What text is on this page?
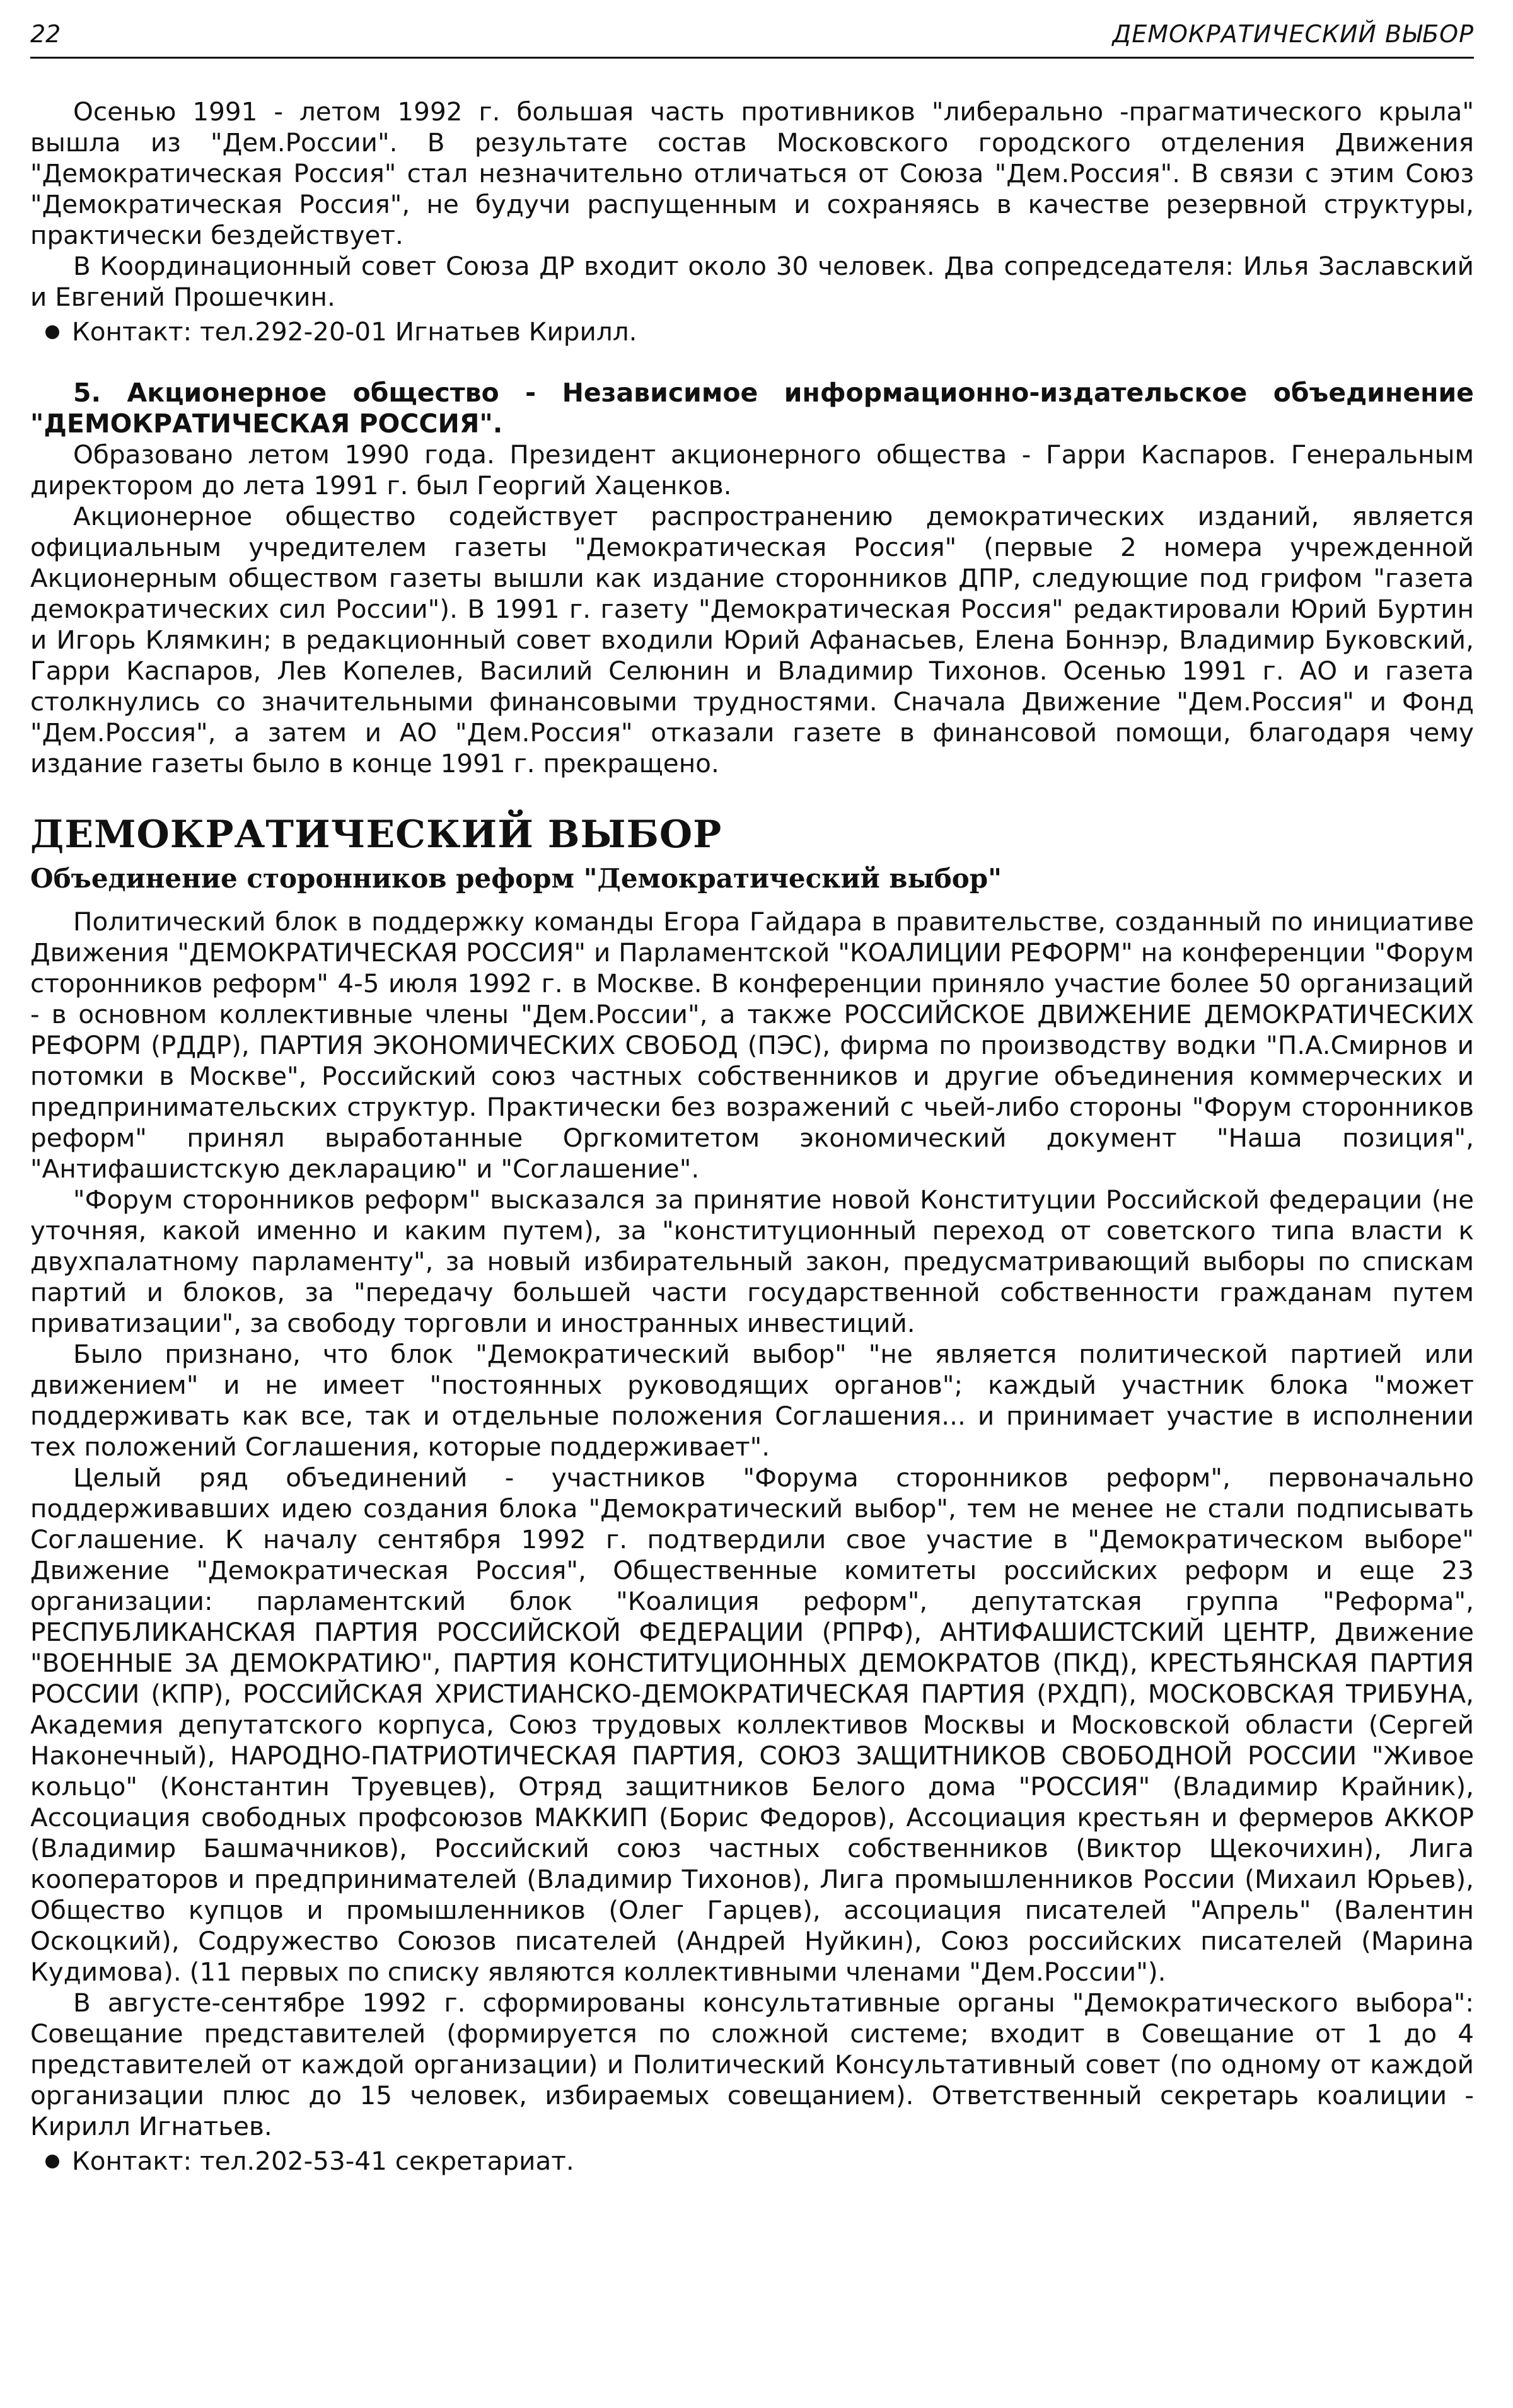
22	ДЕМОКРАТИЧЕСКИЙ ВЫБОР

Осенью 1991 - летом 1992 г. большая часть противников "либерально -прагматического крыла" вышла из "Дем.России". В результате состав Московского городского отделения Движения "Демократическая Россия" стал незначительно отличаться от Союза "Дем.Россия". В связи с этим Союз "Демократическая Россия", не будучи распущенным и сохраняясь в качестве резервной структуры, практически бездействует.

В Координационный совет Союза ДР входит около 30 человек. Два сопредседателя: Илья Заславский и Евгений Прошечкин.

Контакт: тел.292-20-01 Игнатьев Кирилл.

5. Акционерное общество - Независимое информационно-издательское объединение "ДЕМОКРАТИЧЕСКАЯ РОССИЯ".

Образовано летом 1990 года. Президент акционерного общества - Гарри Каспаров. Генеральным директором до лета 1991 г. был Георгий Хаценков.

Акционерное общество содействует распространению демократических изданий, является официальным учредителем газеты "Демократическая Россия" (первые 2 номера учрежденной Акционерным обществом газеты вышли как издание сторонников ДПР, следующие под грифом "газета демократических сил России"). В 1991 г. газету "Демократическая Россия" редактировали Юрий Буртин и Игорь Клямкин; в редакционный совет входили Юрий Афанасьев, Елена Боннэр, Владимир Буковский, Гарри Каспаров, Лев Копелев, Василий Селюнин и Владимир Тихонов. Осенью 1991 г. АО и газета столкнулись со значительными финансовыми трудностями. Сначала Движение "Дем.Россия" и Фонд "Дем.Россия", а затем и АО "Дем.Россия" отказали газете в финансовой помощи, благодаря чему издание газеты было в конце 1991 г. прекращено.

ДЕМОКРАТИЧЕСКИЙ ВЫБОР
Объединение сторонников реформ "Демократический выбор"

Политический блок в поддержку команды Егора Гайдара в правительстве, созданный по инициативе Движения "ДЕМОКРАТИЧЕСКАЯ РОССИЯ" и Парламентской "КОАЛИЦИИ РЕФОРМ" на конференции "Форум сторонников реформ" 4-5 июля 1992 г. в Москве. В конференции приняло участие более 50 организаций - в основном коллективные члены "Дем.России", а также РОССИЙСКОЕ ДВИЖЕНИЕ ДЕМОКРАТИЧЕСКИХ РЕФОРМ (РДДР), ПАРТИЯ ЭКОНОМИЧЕСКИХ СВОБОД (ПЭС), фирма по производству водки "П.А.Смирнов и потомки в Москве", Российский союз частных собственников и другие объединения коммерческих и предпринимательских структур. Практически без возражений с чьей-либо стороны "Форум сторонников реформ" принял выработанные Оргкомитетом экономический документ "Наша позиция", "Антифашистскую декларацию" и "Соглашение".

"Форум сторонников реформ" высказался за принятие новой Конституции Российской федерации (не уточняя, какой именно и каким путем), за "конституционный переход от советского типа власти к двухпалатному парламенту", за новый избирательный закон, предусматривающий выборы по спискам партий и блоков, за "передачу большей части государственной собственности гражданам путем приватизации", за свободу торговли и иностранных инвестиций.

Было признано, что блок "Демократический выбор" "не является политической партией или движением" и не имеет "постоянных руководящих органов"; каждый участник блока "может поддерживать как все, так и отдельные положения Соглашения... и принимает участие в исполнении тех положений Соглашения, которые поддерживает".

Целый ряд объединений - участников "Форума сторонников реформ", первоначально поддерживавших идею создания блока "Демократический выбор", тем не менее не стали подписывать Соглашение. К началу сентября 1992 г. подтвердили свое участие в "Демократическом выборе" Движение "Демократическая Россия", Общественные комитеты российских реформ и еще 23 организации: парламентский блок "Коалиция реформ", депутатская группа "Реформа", РЕСПУБЛИКАНСКАЯ ПАРТИЯ РОССИЙСКОЙ ФЕДЕРАЦИИ (РПРФ), АНТИФАШИСТСКИЙ ЦЕНТР, Движение "ВОЕННЫЕ ЗА ДЕМОКРАТИЮ", ПАРТИЯ КОНСТИТУЦИОННЫХ ДЕМОКРАТОВ (ПКД), КРЕСТЬЯНСКАЯ ПАРТИЯ РОССИИ (КПР), РОССИЙСКАЯ ХРИСТИАНСКО-ДЕМОКРАТИЧЕСКАЯ ПАРТИЯ (РХДП), МОСКОВСКАЯ ТРИБУНА, Академия депутатского корпуса, Союз трудовых коллективов Москвы и Московской области (Сергей Наконечный), НАРОДНО-ПАТРИОТИЧЕСКАЯ ПАРТИЯ, СОЮЗ ЗАЩИТНИКОВ СВОБОДНОЙ РОССИИ "Живое кольцо" (Константин Труевцев), Отряд защитников Белого дома "РОССИЯ" (Владимир Крайник), Ассоциация свободных профсоюзов МАККИП (Борис Федоров), Ассоциация крестьян и фермеров АККОР (Владимир Башмачников), Российский союз частных собственников (Виктор Щекочихин), Лига кооператоров и предпринимателей (Владимир Тихонов), Лига промышленников России (Михаил Юрьев), Общество купцов и промышленников (Олег Гарцев), ассоциация писателей "Апрель" (Валентин Оскоцкий), Содружество Союзов писателей (Андрей Нуйкин), Союз российских писателей (Марина Кудимова). (11 первых по списку являются коллективными членами "Дем.России").

В августе-сентябре 1992 г. сформированы консультативные органы "Демократического выбора": Совещание представителей (формируется по сложной системе; входит в Совещание от 1 до 4 представителей от каждой организации) и Политический Консультативный совет (по одному от каждой организации плюс до 15 человек, избираемых совещанием). Ответственный секретарь коалиции - Кирилл Игнатьев.

Контакт: тел.202-53-41 секретариат.
